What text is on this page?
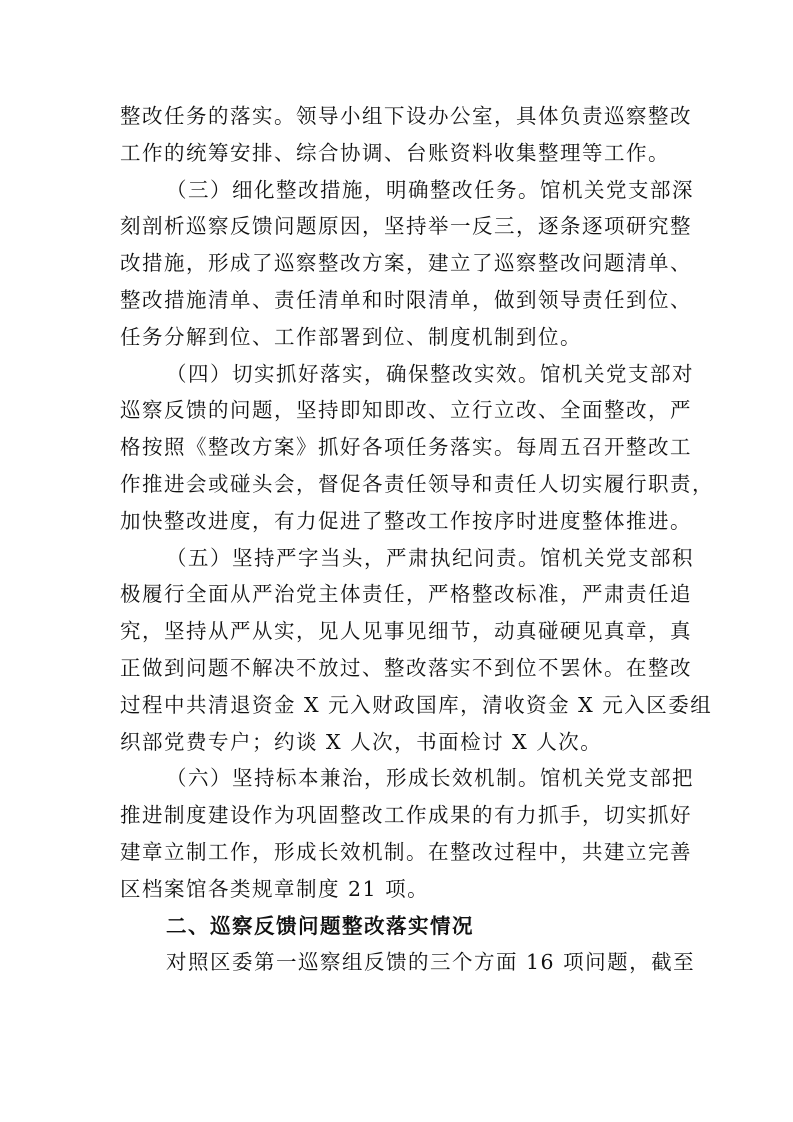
整改任务的落实。领导小组下设办公室，具体负责巡察整改

工作的统筹安排、综合协调、台账资料收集整理等工作。

（三）细化整改措施，明确整改任务。馆机关党支部深

刻剖析巡察反馈问题原因，坚持举一反三，逐条逐项研究整

改措施，形成了巡察整改方案，建立了巡察整改问题清单、

整改措施清单、责任清单和时限清单，做到领导责任到位、

任务分解到位、工作部署到位、制度机制到位。

（四）切实抓好落实，确保整改实效。馆机关党支部对

巡察反馈的问题，坚持即知即改、立行立改、全面整改，严

格按照《整改方案》抓好各项任务落实。每周五召开整改工

作推进会或碰头会，督促各责任领导和责任人切实履行职责，

加快整改进度，有力促进了整改工作按序时进度整体推进。

（五）坚持严字当头，严肃执纪问责。馆机关党支部积

极履行全面从严治党主体责任，严格整改标准，严肃责任追

究，坚持从严从实，见人见事见细节，动真碰硬见真章，真

正做到问题不解决不放过、整改落实不到位不罢休。在整改

过程中共清退资金 X 元入财政国库，清收资金 X 元入区委组

织部党费专户；约谈 X 人次，书面检讨 X 人次。

（六）坚持标本兼治，形成长效机制。馆机关党支部把

推进制度建设作为巩固整改工作成果的有力抓手，切实抓好

建章立制工作，形成长效机制。在整改过程中，共建立完善

区档案馆各类规章制度 21 项。

二、巡察反馈问题整改落实情况

对照区委第一巡察组反馈的三个方面 16 项问题，截至
